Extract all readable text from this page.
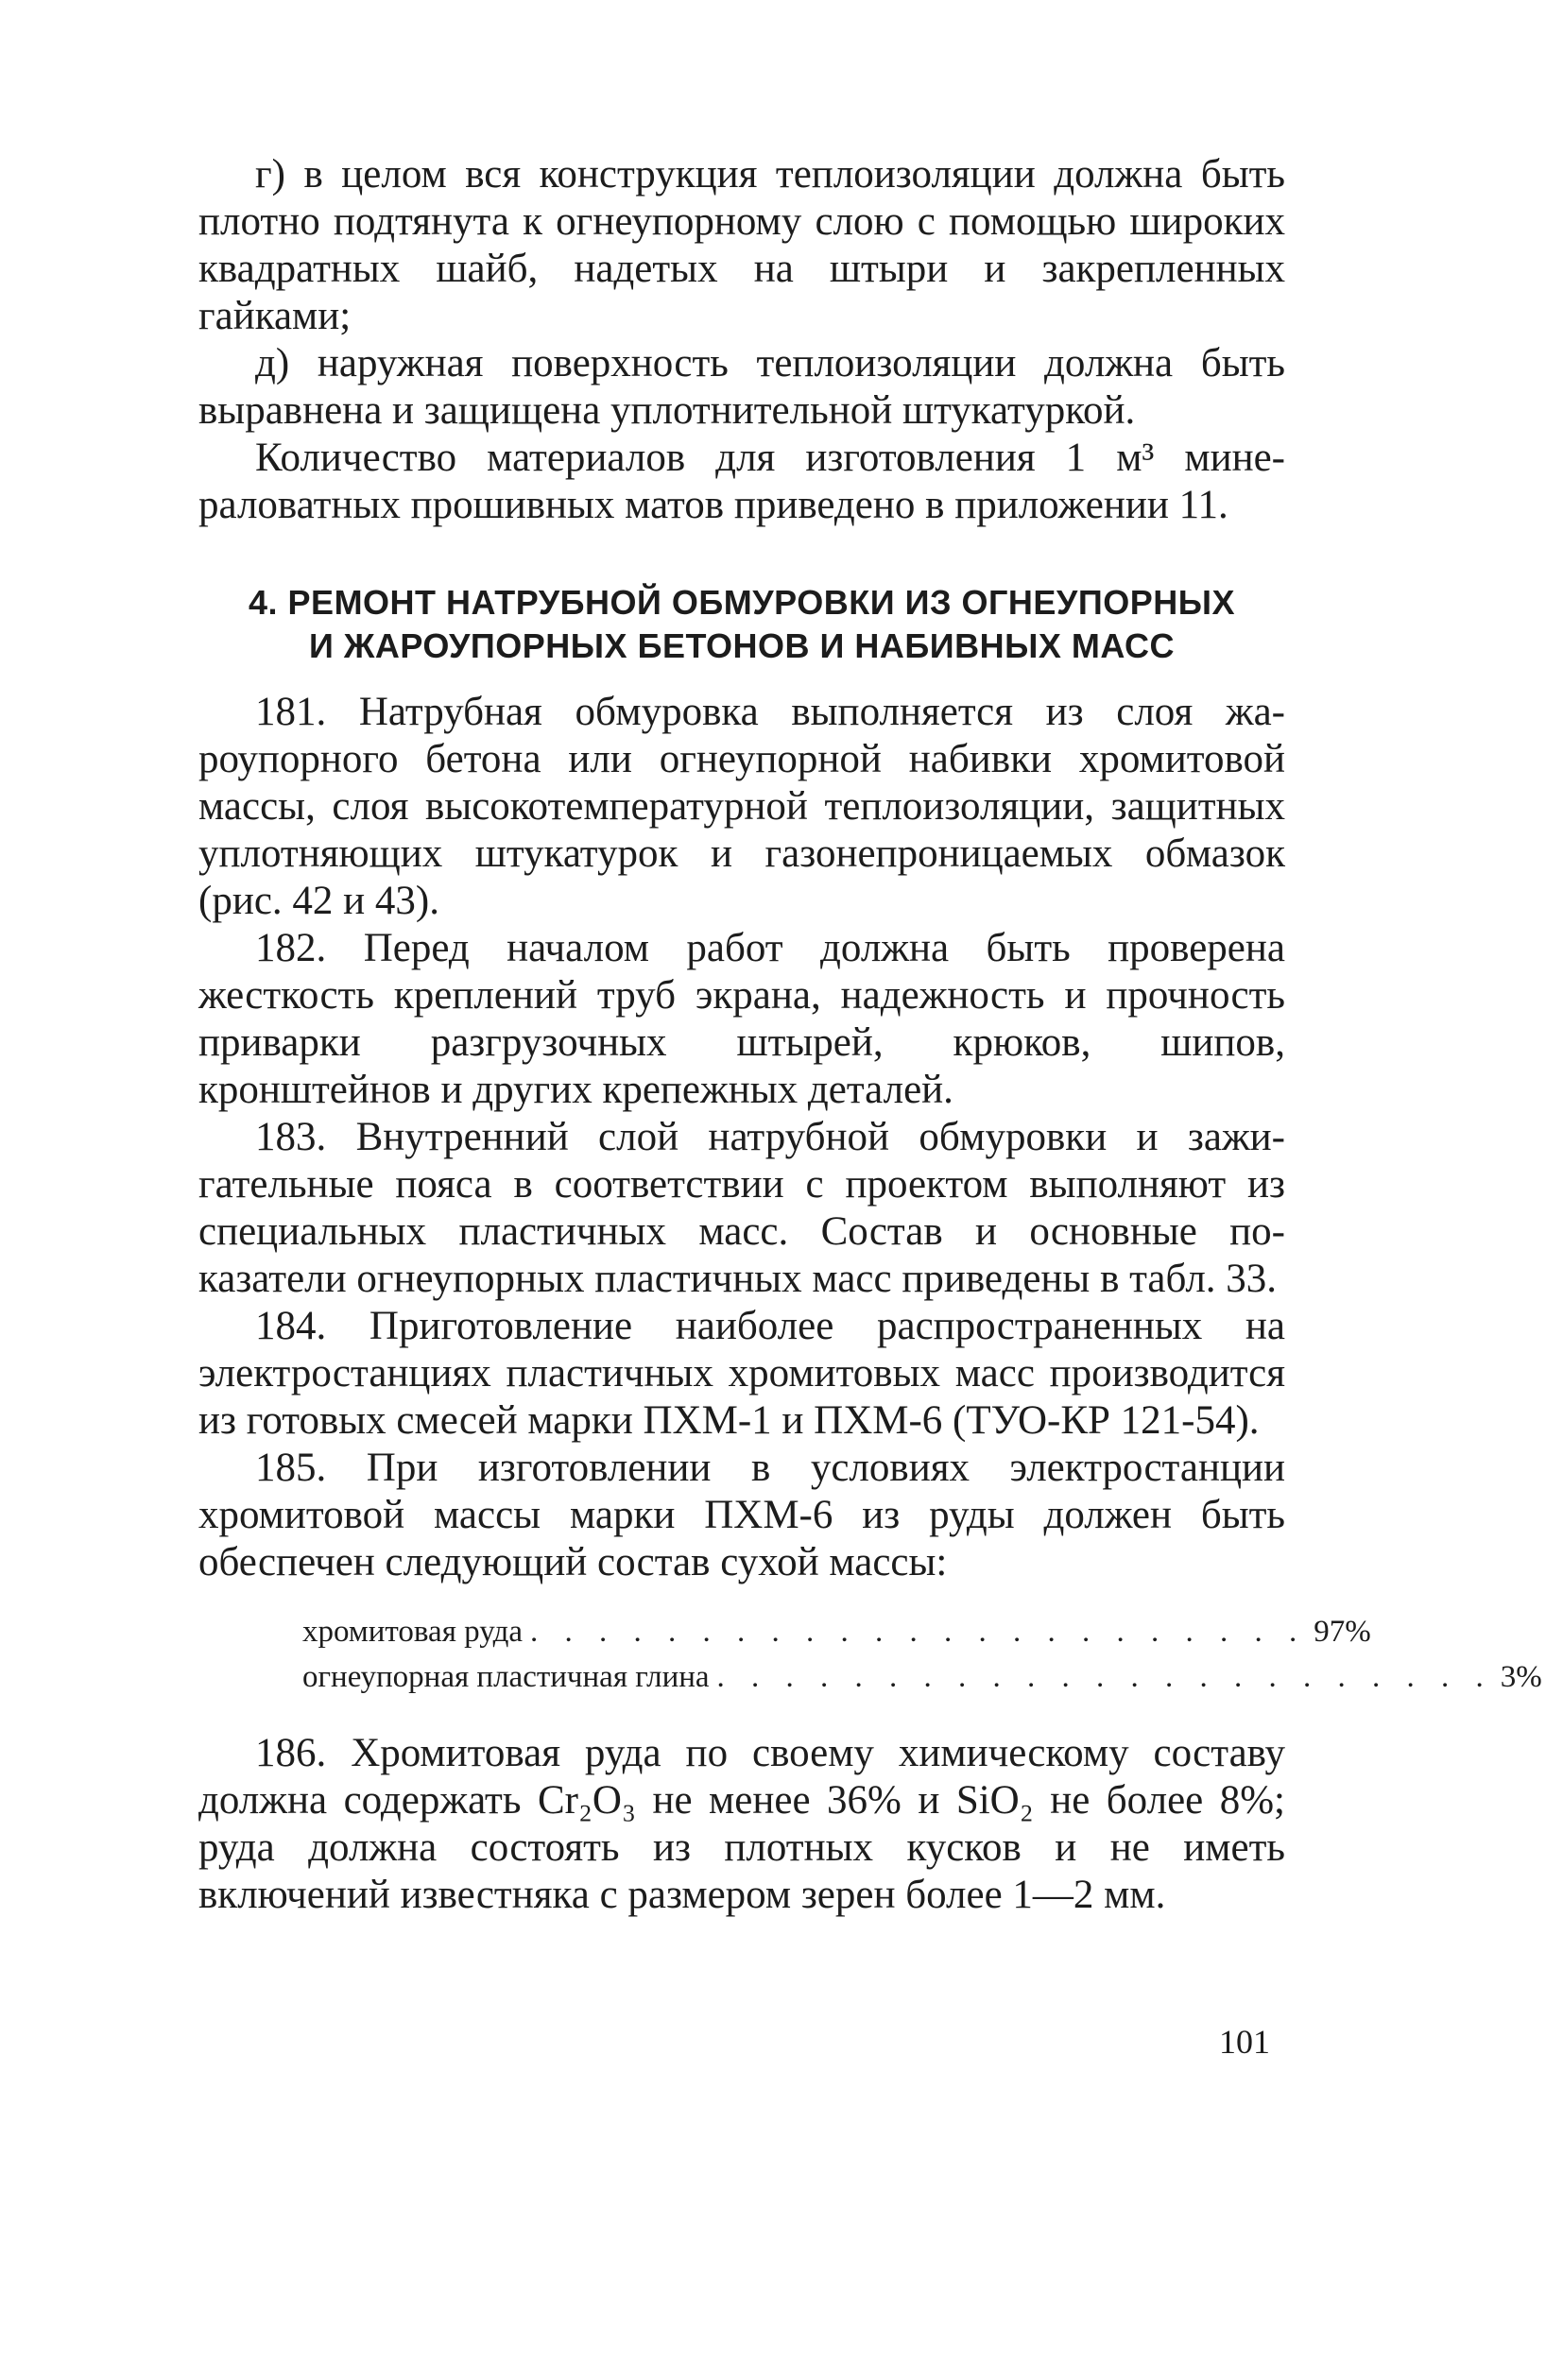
г) в целом вся конструкция теплоизоляции должна быть плотно подтянута к огнеупорному слою с помощью широких квадратных шайб, надетых на штыри и закрепленных гайками;

д) наружная поверхность теплоизоляции должна быть выравнена и защищена уплотнительной штукатуркой.

Количество материалов для изготовления 1 м³ минераловатных прошивных матов приведено в приложении 11.

4. РЕМОНТ НАТРУБНОЙ ОБМУРОВКИ ИЗ ОГНЕУПОРНЫХ
И ЖАРОУПОРНЫХ БЕТОНОВ И НАБИВНЫХ МАСС

181. Натрубная обмуровка выполняется из слоя жароупорного бетона или огнеупорной набивки хромитовой массы, слоя высокотемпературной теплоизоляции, защитных уплотняющих штукатурок и газонепроницаемых обмазок (рис. 42 и 43).

182. Перед началом работ должна быть проверена жесткость креплений труб экрана, надежность и прочность приварки разгрузочных штырей, крюков, шипов, кронштейнов и других крепежных деталей.

183. Внутренний слой натрубной обмуровки и зажигательные пояса в соответствии с проектом выполняют из специальных пластичных масс. Состав и основные показатели огнеупорных пластичных масс приведены в табл. 33.

184. Приготовление наиболее распространенных на электростанциях пластичных хромитовых масс производится из готовых смесей марки ПХМ-1 и ПХМ-6 (ТУО-КР 121-54).

185. При изготовлении в условиях электростанции хромитовой массы марки ПХМ-6 из руды должен быть обеспечен следующий состав сухой массы:

хромитовая руда . . . . . . . . . . . . . . . . . . . . . . . 97%
огнеупорная пластичная глина . . . . . . . . . . . . . . . . . . . . . . . 3%

186. Хромитовая руда по своему химическому составу должна содержать Cr₂O₃ не менее 36% и SiO₂ не более 8%; руда должна состоять из плотных кусков и не иметь включений известняка с размером зерен более 1—2 мм.

101
